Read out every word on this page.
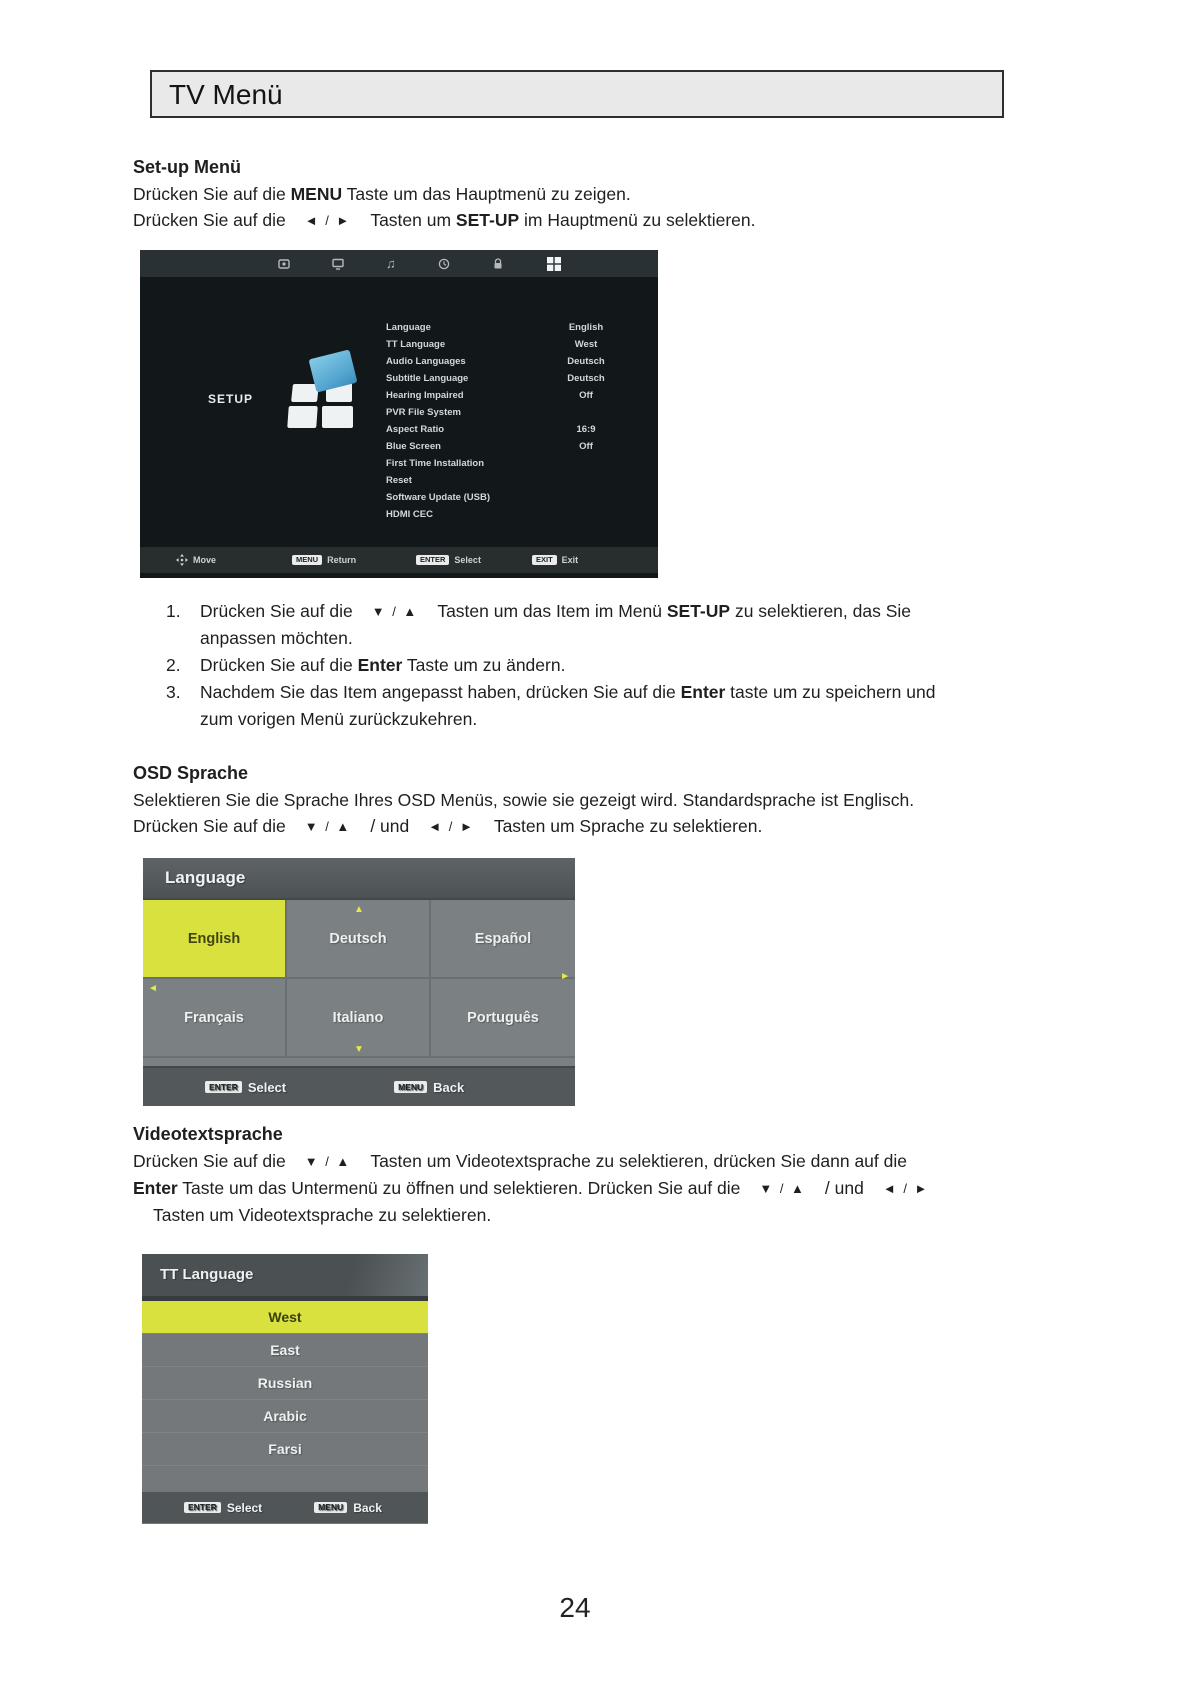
TV Menü
Set-up Menü
Drücken Sie auf die MENU Taste um das Hauptmenü zu zeigen.
Drücken Sie auf die ◄ / ► Tasten um SET-UP im Hauptmenü zu selektieren.
♫
SETUP
Language	English
TT Language	West
Audio Languages	Deutsch
Subtitle Language	Deutsch
Hearing Impaired	Off
PVR File System
Aspect Ratio	16:9
Blue Screen	Off
First Time Installation
Reset
Software Update (USB)
HDMI CEC
Move	MENU	Return	ENTER	Select	EXIT	Exit
1. Drücken Sie auf die ▼ / ▲ Tasten um das Item im Menü SET-UP zu selektieren, das Sie
anpassen möchten.
2. Drücken Sie auf die Enter Taste um zu ändern.
3. Nachdem Sie das Item angepasst haben, drücken Sie auf die Enter taste um zu speichern und
zum vorigen Menü zurückzukehren.
OSD Sprache
Selektieren Sie die Sprache Ihres OSD Menüs, sowie sie gezeigt wird. Standardsprache ist Englisch.
Drücken Sie auf die ▼ / ▲ / und ◄ / ► Tasten um Sprache zu selektieren.
Language
English	Deutsch	Español
Français	Italiano	Português
▲
▼
◄
►
ENTER Select	MENU Back
Videotextsprache
Drücken Sie auf die ▼ / ▲ Tasten um Videotextsprache zu selektieren, drücken Sie dann auf die
Enter Taste um das Untermenü zu öffnen und selektieren. Drücken Sie auf die ▼ / ▲ / und ◄ / ►
Tasten um Videotextsprache zu selektieren.
TT Language
West
East
Russian
Arabic
Farsi
ENTER Select	MENU Back
24
